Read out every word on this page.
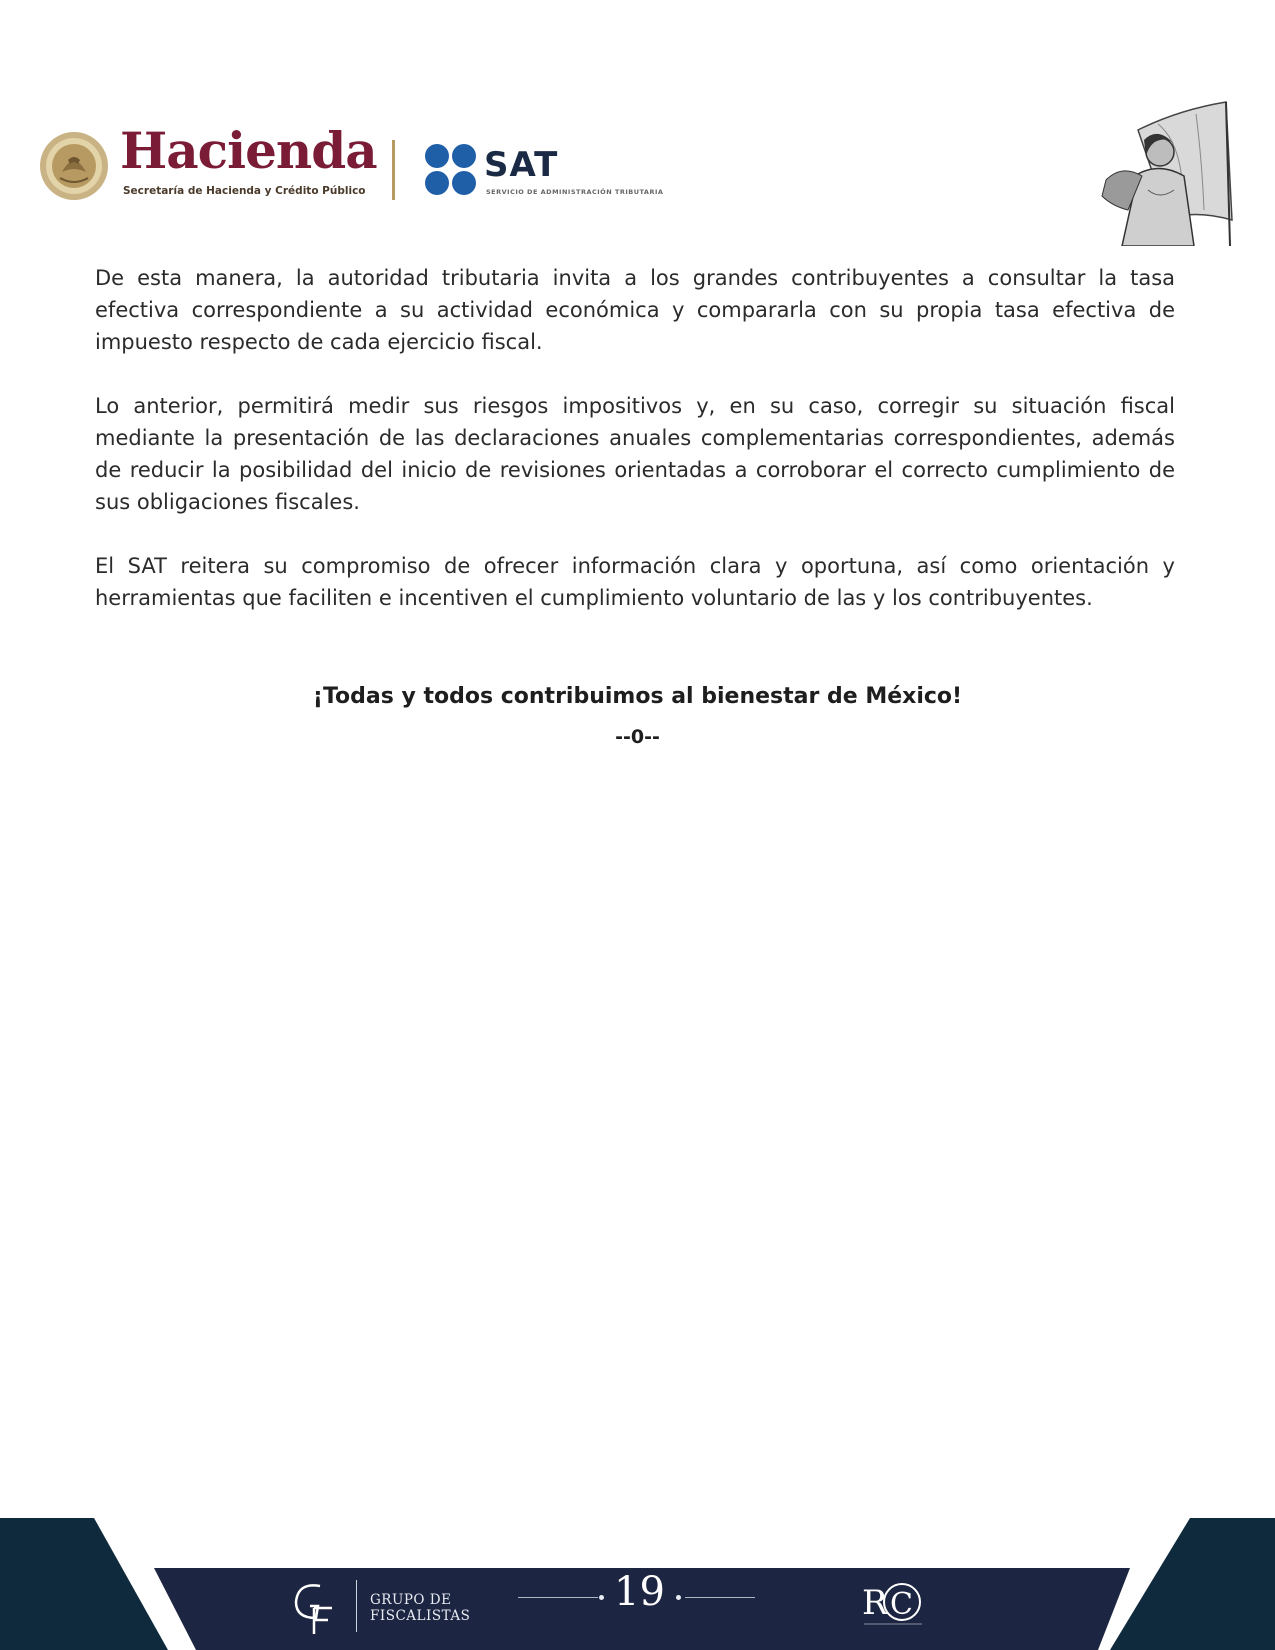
Hacienda
Secretaría de Hacienda y Crédito Público
SAT
SERVICIO DE ADMINISTRACIÓN TRIBUTARIA

De esta manera, la autoridad tributaria invita a los grandes contribuyentes a consultar la tasa efectiva correspondiente a su actividad económica y compararla con su propia tasa efectiva de impuesto respecto de cada ejercicio fiscal.

Lo anterior, permitirá medir sus riesgos impositivos y, en su caso, corregir su situación fiscal mediante la presentación de las declaraciones anuales complementarias correspondientes, además de reducir la posibilidad del inicio de revisiones orientadas a corroborar el correcto cumplimiento de sus obligaciones fiscales.

El SAT reitera su compromiso de ofrecer información clara y oportuna, así como orientación y herramientas que faciliten e incentiven el cumplimiento voluntario de las y los contribuyentes.

¡Todas y todos contribuimos al bienestar de México!
--0--
GRUPO DE
FISCALISTAS
19	R C
